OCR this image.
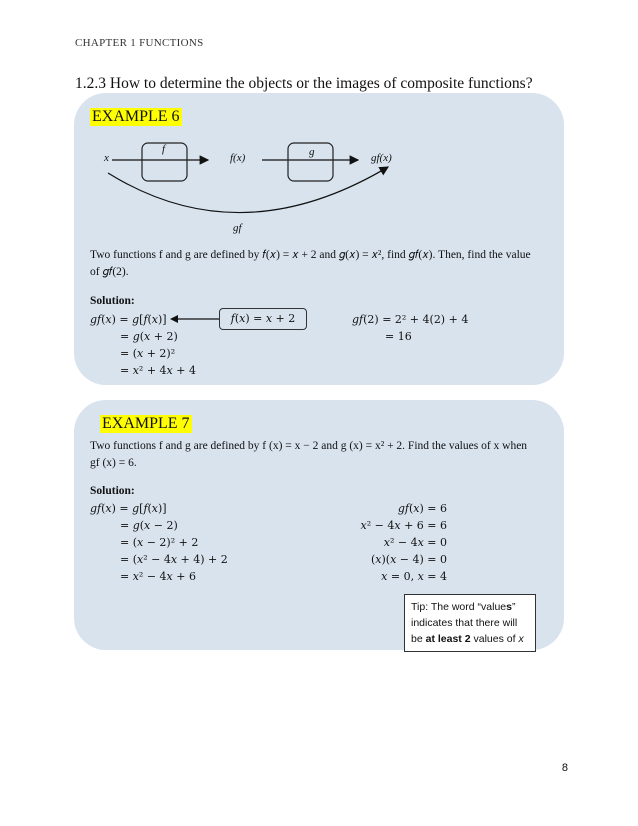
CHAPTER 1 FUNCTIONS
1.2.3 How to determine the objects or the images of composite functions?
EXAMPLE 6
x
f
f(x)	g	gf(x)
gf
Two functions f and g are defined by 𝑓(𝑥) = 𝑥 + 2 and 𝑔(𝑥) = 𝑥², find 𝑔𝑓(𝑥). Then, find the value
of 𝑔𝑓(2).
Solution:
𝑔𝑓(𝑥) = 𝑔[𝑓(𝑥)]
= 𝑔(𝑥 + 2)
= (𝑥 + 2)²
= 𝑥² + 4𝑥 + 4
𝑓(𝑥) = 𝑥 + 2	𝑔𝑓(2) = 2² + 4(2) + 4
= 16
EXAMPLE 7
Two functions f and g are defined by f (x) = x − 2 and g (x) = x² + 2. Find the values of x when
gf (x) = 6.
Solution:
𝑔𝑓(𝑥) = 𝑔[𝑓(𝑥)]
= 𝑔(𝑥 − 2)
= (𝑥 − 2)² + 2
= (𝑥² − 4𝑥 + 4) + 2
= 𝑥² − 4𝑥 + 6
𝑔𝑓(𝑥) = 6
𝑥² − 4𝑥 + 6 = 6
𝑥² − 4𝑥 = 0
(𝑥)(𝑥 − 4) = 0
𝑥 = 0, 𝑥 = 4
Tip: The word “values”
indicates that there will
be at least 2 values of x
8
